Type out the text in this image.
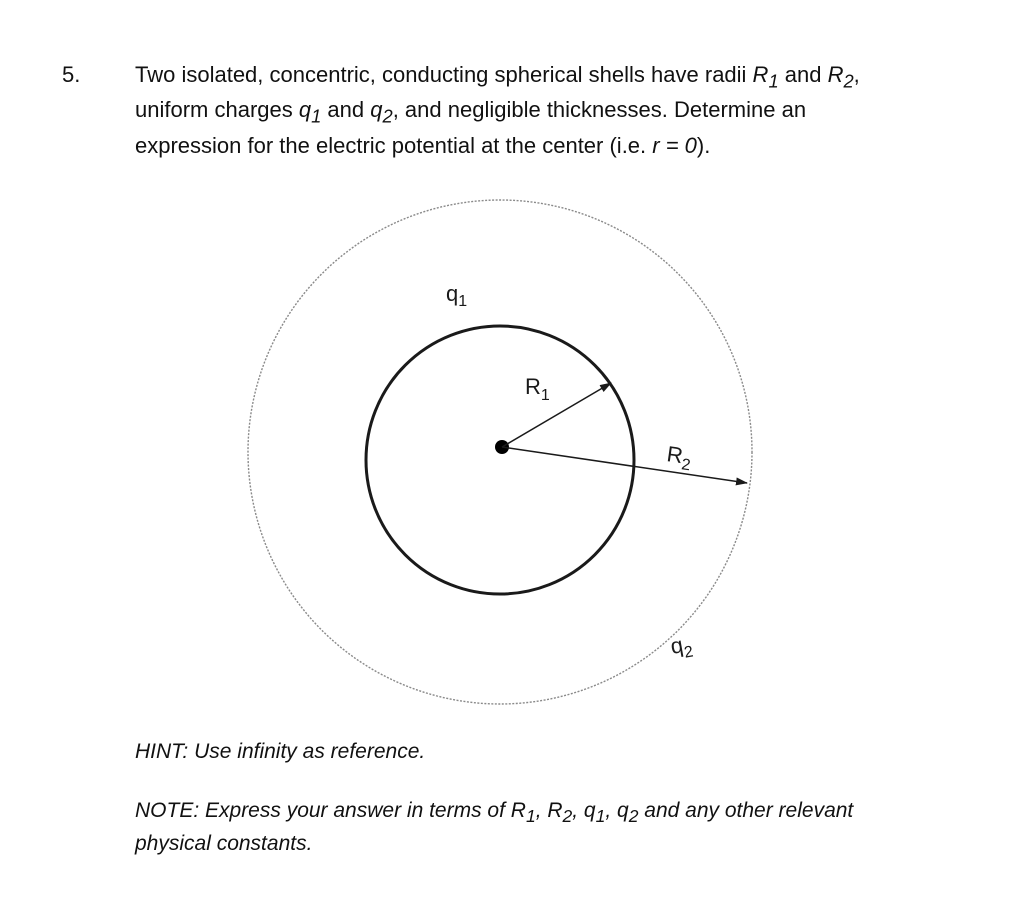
5. Two isolated, concentric, conducting spherical shells have radii $R_1$ and $R_2$,
uniform charges $q_1$ and $q_2$, and negligible thicknesses. Determine an
expression for the electric potential at the center (i.e. r = 0).
$q_1$
$R_1$
$R_2$
$q_2$
HINT: Use infinity as reference.
NOTE: Express your answer in terms of $R_1$, $R_2$, $q_1$, $q_2$ and any other relevant physical constants.
